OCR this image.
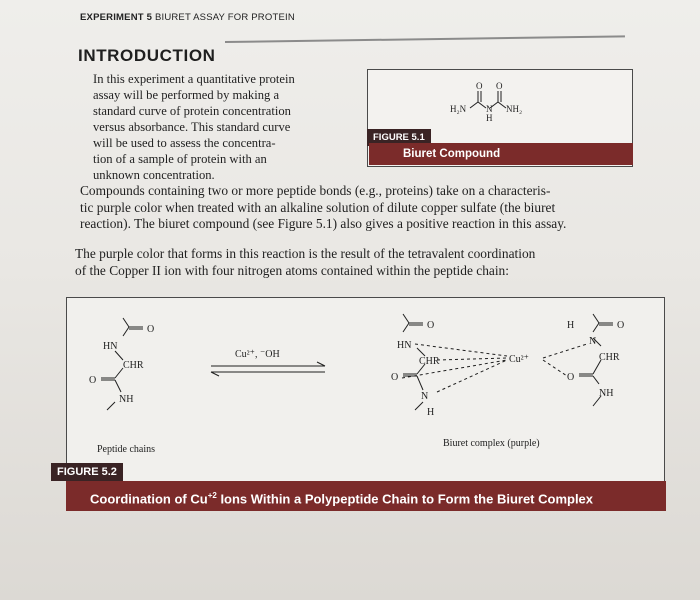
EXPERIMENT 5 BIURET ASSAY FOR PROTEIN
INTRODUCTION
In this experiment a quantitative protein
assay will be performed by making a
standard curve of protein concentration
versus absorbance. This standard curve
will be used to assess the concentra-
tion of a sample of protein with an
unknown concentration.
H₂N	NH₂
N
H
O O
FIGURE 5.1
Biuret Compound
Compounds containing two or more peptide bonds (e.g., proteins) take on a characteris-
tic purple color when treated with an alkaline solution of dilute copper sulfate (the biuret
reaction). The biuret compound (see Figure 5.1) also gives a positive reaction in this assay.
The purple color that forms in this reaction is the result of the tetravalent coordination
of the Copper II ion with four nitrogen atoms contained within the peptide chain:
O
HN
CHR
O
NH
Peptide chains
Cu²⁺, ⁻OH
O
HN
CHR
O
N
H
Cu²⁺
O
H
N
CHR
O
NH
Biuret complex (purple)
FIGURE 5.2
Coordination of $Cu^{+2}$ Ions Within a Polypeptide Chain to Form the Biuret Complex
